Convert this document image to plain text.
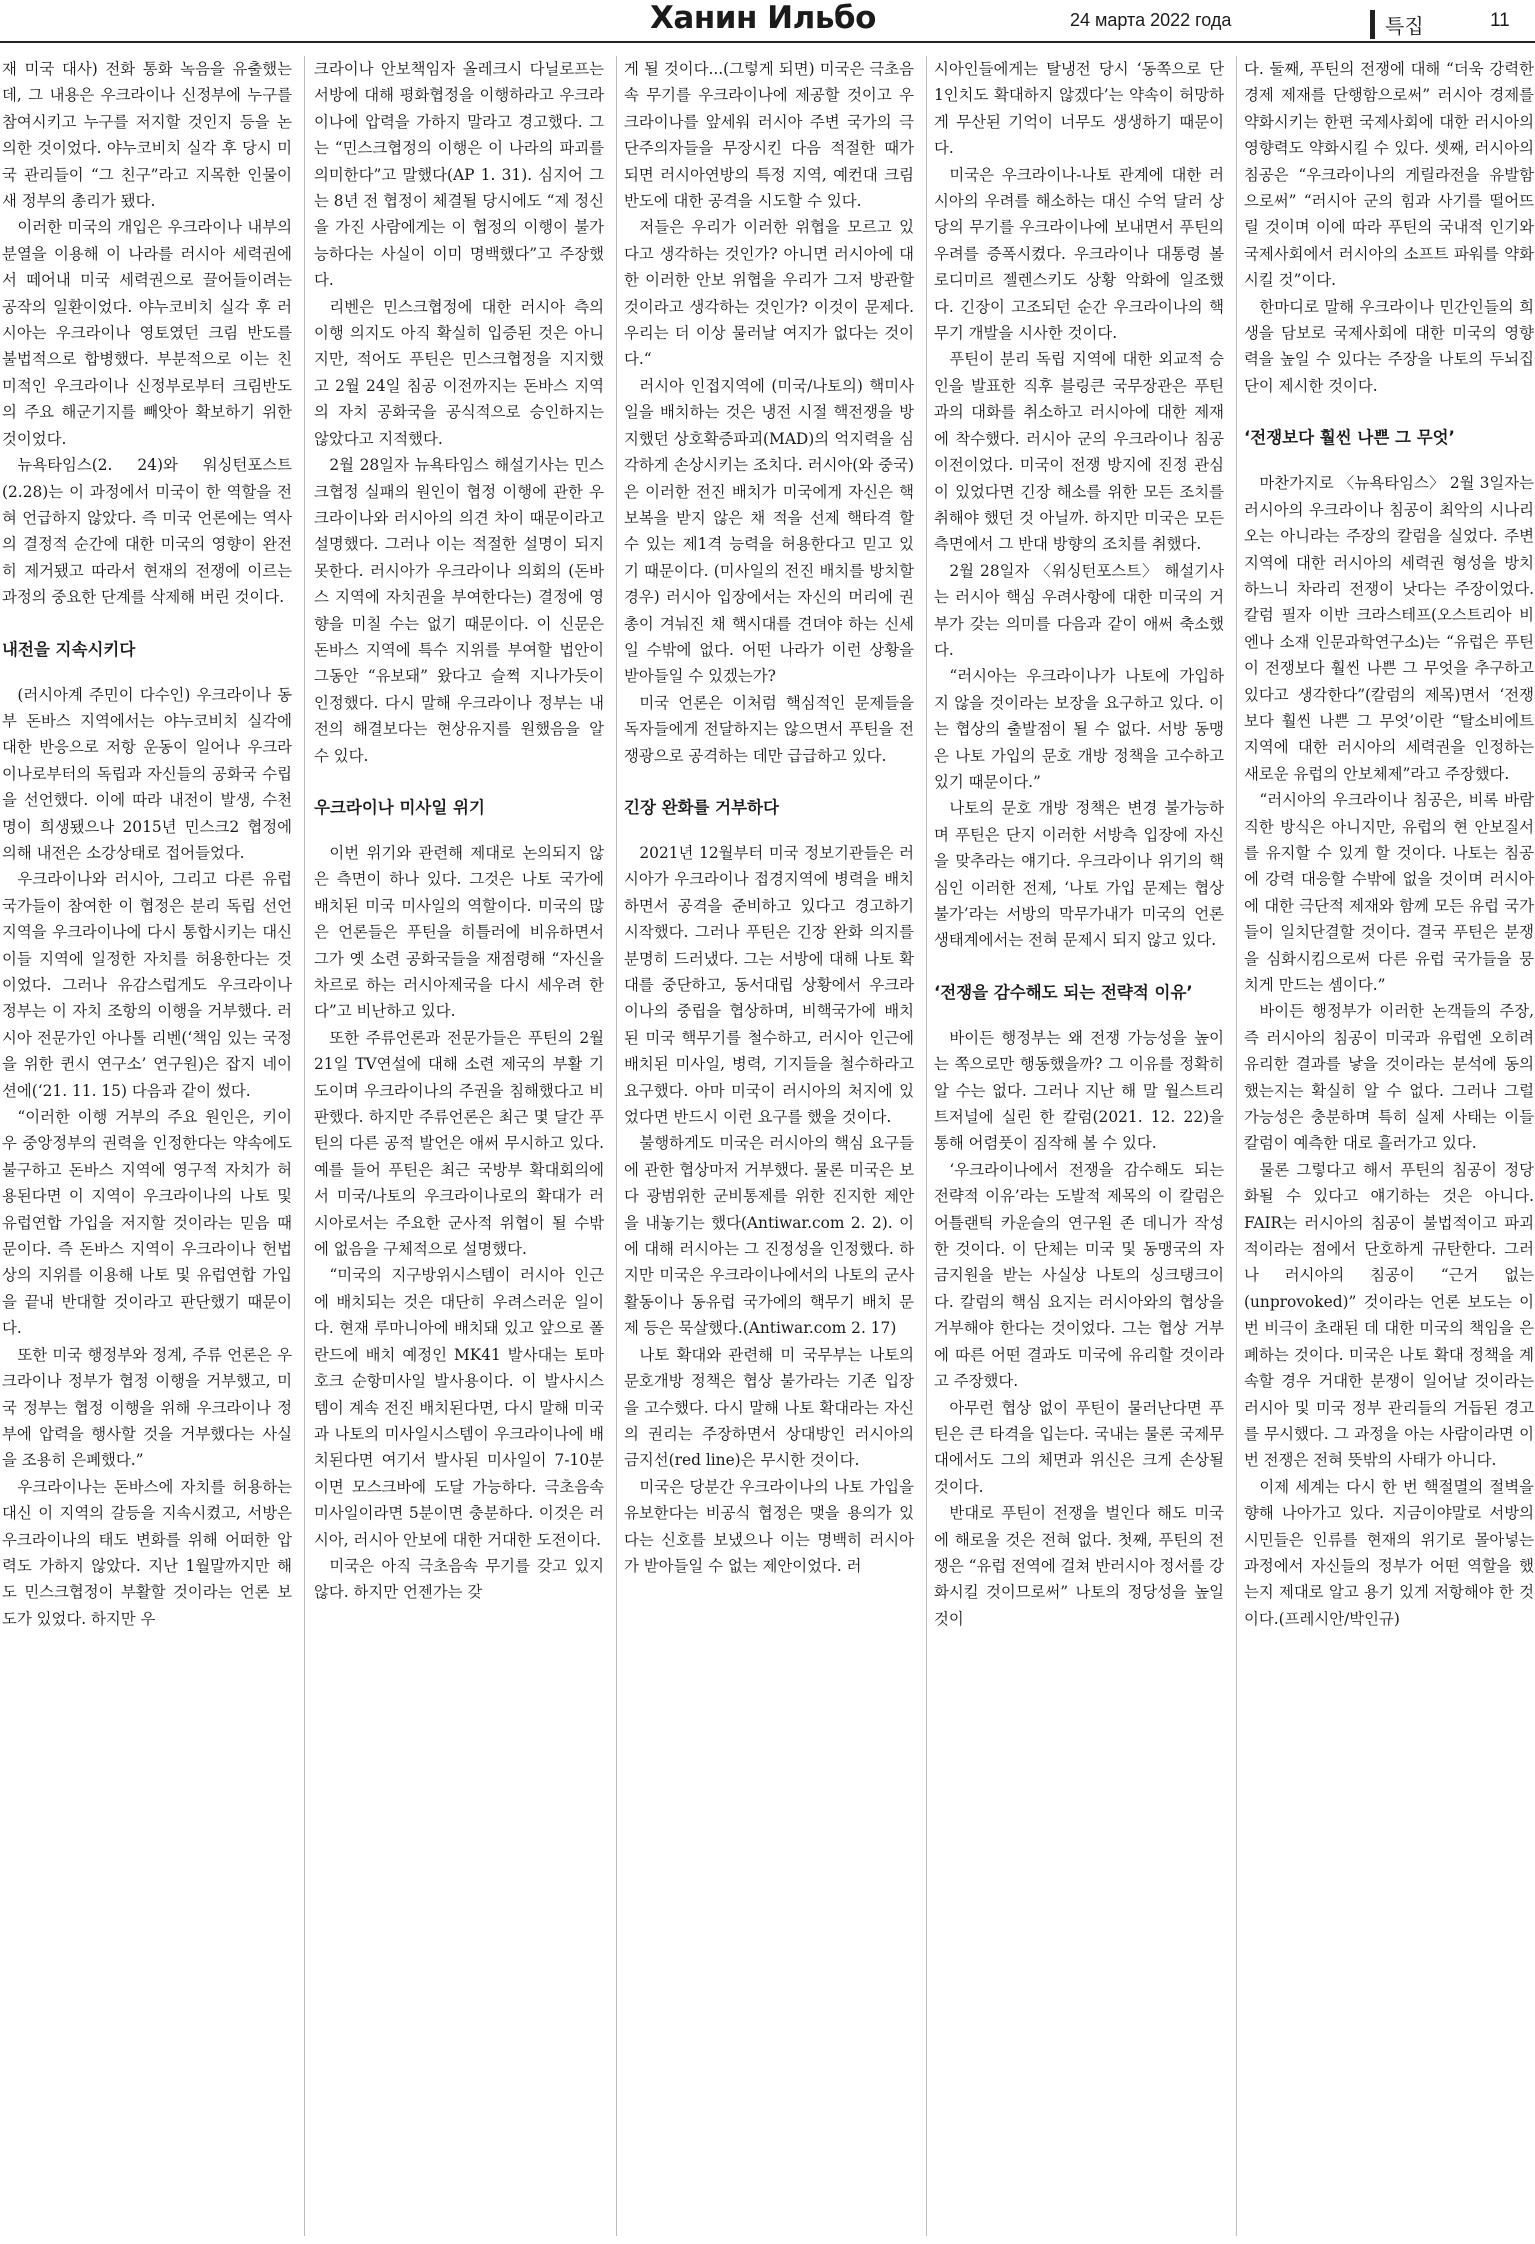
Ханин Ильбо	24 марта 2022 года	특집	11

재 미국 대사) 전화 통화 녹음을 유출했는데, 그 내용은 우크라이나 신정부에 누구를 참여시키고 누구를 저지할 것인지 등을 논의한 것이었다. 야누코비치 실각 후 당시 미국 관리들이 “그 친구”라고 지목한 인물이 새 정부의 총리가 됐다.

이러한 미국의 개입은 우크라이나 내부의 분열을 이용해 이 나라를 러시아 세력권에서 떼어내 미국 세력권으로 끌어들이려는 공작의 일환이었다. 야누코비치 실각 후 러시아는 우크라이나 영토였던 크림 반도를 불법적으로 합병했다. 부분적으로 이는 친미적인 우크라이나 신정부로부터 크림반도의 주요 해군기지를 빼앗아 확보하기 위한 것이었다.

뉴욕타임스(2. 24)와 워싱턴포스트(2.28)는 이 과정에서 미국이 한 역할을 전혀 언급하지 않았다. 즉 미국 언론에는 역사의 결정적 순간에 대한 미국의 영향이 완전히 제거됐고 따라서 현재의 전쟁에 이르는 과정의 중요한 단계를 삭제해 버린 것이다.

내전을 지속시키다

(러시아계 주민이 다수인) 우크라이나 동부 돈바스 지역에서는 야누코비치 실각에 대한 반응으로 저항 운동이 일어나 우크라이나로부터의 독립과 자신들의 공화국 수립을 선언했다. 이에 따라 내전이 발생, 수천명이 희생됐으나 2015년 민스크2 협정에 의해 내전은 소강상태로 접어들었다.

우크라이나와 러시아, 그리고 다른 유럽 국가들이 참여한 이 협정은 분리 독립 선언지역을 우크라이나에 다시 통합시키는 대신 이들 지역에 일정한 자치를 허용한다는 것이었다. 그러나 유감스럽게도 우크라이나 정부는 이 자치 조항의 이행을 거부했다. 러시아 전문가인 아나톨 리벤(‘책임 있는 국정을 위한 퀸시 연구소’ 연구원)은 잡지 네이션에(‘21. 11. 15) 다음과 같이 썼다.

“이러한 이행 거부의 주요 원인은, 키이우 중앙정부의 권력을 인정한다는 약속에도 불구하고 돈바스 지역에 영구적 자치가 허용된다면 이 지역이 우크라이나의 나토 및 유럽연합 가입을 저지할 것이라는 믿음 때문이다. 즉 돈바스 지역이 우크라이나 헌법상의 지위를 이용해 나토 및 유럽연합 가입을 끝내 반대할 것이라고 판단했기 때문이다.

또한 미국 행정부와 정계, 주류 언론은 우크라이나 정부가 협정 이행을 거부했고, 미국 정부는 협정 이행을 위해 우크라이나 정부에 압력을 행사할 것을 거부했다는 사실을 조용히 은폐했다.”

우크라이나는 돈바스에 자치를 허용하는 대신 이 지역의 갈등을 지속시켰고, 서방은 우크라이나의 태도 변화를 위해 어떠한 압력도 가하지 않았다. 지난 1월말까지만 해도 민스크협정이 부활할 것이라는 언론 보도가 있었다. 하지만 우

크라이나 안보책임자 올레크시 다닐로프는 서방에 대해 평화협정을 이행하라고 우크라이나에 압력을 가하지 말라고 경고했다. 그는 “민스크협정의 이행은 이 나라의 파괴를 의미한다”고 말했다(AP 1. 31). 심지어 그는 8년 전 협정이 체결될 당시에도 “제 정신을 가진 사람에게는 이 협정의 이행이 불가능하다는 사실이 이미 명백했다”고 주장했다.

리벤은 민스크협정에 대한 러시아 측의 이행 의지도 아직 확실히 입증된 것은 아니지만, 적어도 푸틴은 민스크협정을 지지했고 2월 24일 침공 이전까지는 돈바스 지역의 자치 공화국을 공식적으로 승인하지는 않았다고 지적했다.

2월 28일자 뉴욕타임스 해설기사는 민스크협정 실패의 원인이 협정 이행에 관한 우크라이나와 러시아의 의견 차이 때문이라고 설명했다. 그러나 이는 적절한 설명이 되지 못한다. 러시아가 우크라이나 의회의 (돈바스 지역에 자치권을 부여한다는) 결정에 영향을 미칠 수는 없기 때문이다. 이 신문은 돈바스 지역에 특수 지위를 부여할 법안이 그동안 “유보돼” 왔다고 슬쩍 지나가듯이 인정했다. 다시 말해 우크라이나 정부는 내전의 해결보다는 현상유지를 원했음을 알 수 있다.

우크라이나 미사일 위기

이번 위기와 관련해 제대로 논의되지 않은 측면이 하나 있다. 그것은 나토 국가에 배치된 미국 미사일의 역할이다. 미국의 많은 언론들은 푸틴을 히틀러에 비유하면서 그가 옛 소련 공화국들을 재점령해 “자신을 차르로 하는 러시아제국을 다시 세우려 한다”고 비난하고 있다.

또한 주류언론과 전문가들은 푸틴의 2월 21일 TV연설에 대해 소련 제국의 부활 기도이며 우크라이나의 주권을 침해했다고 비판했다. 하지만 주류언론은 최근 몇 달간 푸틴의 다른 공적 발언은 애써 무시하고 있다. 예를 들어 푸틴은 최근 국방부 확대회의에서 미국/나토의 우크라이나로의 확대가 러시아로서는 주요한 군사적 위협이 될 수밖에 없음을 구체적으로 설명했다.

“미국의 지구방위시스템이 러시아 인근에 배치되는 것은 대단히 우려스러운 일이다. 현재 루마니아에 배치돼 있고 앞으로 폴란드에 배치 예정인 MK41 발사대는 토마호크 순항미사일 발사용이다. 이 발사시스템이 계속 전진 배치된다면, 다시 말해 미국과 나토의 미사일시스템이 우크라이나에 배치된다면 여기서 발사된 미사일이 7-10분이면 모스크바에 도달 가능하다. 극초음속 미사일이라면 5분이면 충분하다. 이것은 러시아, 러시아 안보에 대한 거대한 도전이다.

미국은 아직 극초음속 무기를 갖고 있지 않다. 하지만 언젠가는 갖

게 될 것이다...(그렇게 되면) 미국은 극초음속 무기를 우크라이나에 제공할 것이고 우크라이나를 앞세워 러시아 주변 국가의 극단주의자들을 무장시킨 다음 적절한 때가 되면 러시아연방의 특정 지역, 예컨대 크림반도에 대한 공격을 시도할 수 있다.

저들은 우리가 이러한 위협을 모르고 있다고 생각하는 것인가? 아니면 러시아에 대한 이러한 안보 위협을 우리가 그저 방관할 것이라고 생각하는 것인가? 이것이 문제다. 우리는 더 이상 물러날 여지가 없다는 것이다.“

러시아 인접지역에 (미국/나토의) 핵미사일을 배치하는 것은 냉전 시절 핵전쟁을 방지했던 상호확증파괴(MAD)의 억지력을 심각하게 손상시키는 조치다. 러시아(와 중국)은 이러한 전진 배치가 미국에게 자신은 핵보복을 받지 않은 채 적을 선제 핵타격 할 수 있는 제1격 능력을 허용한다고 믿고 있기 때문이다. (미사일의 전진 배치를 방치할 경우) 러시아 입장에서는 자신의 머리에 권총이 겨눠진 채 핵시대를 견뎌야 하는 신세일 수밖에 없다. 어떤 나라가 이런 상황을 받아들일 수 있겠는가?

미국 언론은 이처럼 핵심적인 문제들을 독자들에게 전달하지는 않으면서 푸틴을 전쟁광으로 공격하는 데만 급급하고 있다.

긴장 완화를 거부하다

2021년 12월부터 미국 정보기관들은 러시아가 우크라이나 접경지역에 병력을 배치하면서 공격을 준비하고 있다고 경고하기 시작했다. 그러나 푸틴은 긴장 완화 의지를 분명히 드러냈다. 그는 서방에 대해 나토 확대를 중단하고, 동서대립 상황에서 우크라이나의 중립을 협상하며, 비핵국가에 배치된 미국 핵무기를 철수하고, 러시아 인근에 배치된 미사일, 병력, 기지들을 철수하라고 요구했다. 아마 미국이 러시아의 처지에 있었다면 반드시 이런 요구를 했을 것이다.

불행하게도 미국은 러시아의 핵심 요구들에 관한 협상마저 거부했다. 물론 미국은 보다 광범위한 군비통제를 위한 진지한 제안을 내놓기는 했다(Antiwar.com 2. 2). 이에 대해 러시아는 그 진정성을 인정했다. 하지만 미국은 우크라이나에서의 나토의 군사 활동이나 동유럽 국가에의 핵무기 배치 문제 등은 묵살했다.(Antiwar.com 2. 17)

나토 확대와 관련해 미 국무부는 나토의 문호개방 정책은 협상 불가라는 기존 입장을 고수했다. 다시 말해 나토 확대라는 자신의 권리는 주장하면서 상대방인 러시아의 금지선(red line)은 무시한 것이다.

미국은 당분간 우크라이나의 나토 가입을 유보한다는 비공식 협정은 맺을 용의가 있다는 신호를 보냈으나 이는 명백히 러시아가 받아들일 수 없는 제안이었다. 러

시아인들에게는 탈냉전 당시 ‘동쪽으로 단 1인치도 확대하지 않겠다’는 약속이 허망하게 무산된 기억이 너무도 생생하기 때문이다.

미국은 우크라이나-나토 관계에 대한 러시아의 우려를 해소하는 대신 수억 달러 상당의 무기를 우크라이나에 보내면서 푸틴의 우려를 증폭시켰다. 우크라이나 대통령 볼로디미르 젤렌스키도 상황 악화에 일조했다. 긴장이 고조되던 순간 우크라이나의 핵무기 개발을 시사한 것이다.

푸틴이 분리 독립 지역에 대한 외교적 승인을 발표한 직후 블링큰 국무장관은 푸틴과의 대화를 취소하고 러시아에 대한 제재에 착수했다. 러시아 군의 우크라이나 침공 이전이었다. 미국이 전쟁 방지에 진정 관심이 있었다면 긴장 해소를 위한 모든 조치를 취해야 했던 것 아닐까. 하지만 미국은 모든 측면에서 그 반대 방향의 조치를 취했다.

2월 28일자 〈워싱턴포스트〉 해설기사는 러시아 핵심 우려사항에 대한 미국의 거부가 갖는 의미를 다음과 같이 애써 축소했다.

“러시아는 우크라이나가 나토에 가입하지 않을 것이라는 보장을 요구하고 있다. 이는 협상의 출발점이 될 수 없다. 서방 동맹은 나토 가입의 문호 개방 정책을 고수하고 있기 때문이다.”

나토의 문호 개방 정책은 변경 불가능하며 푸틴은 단지 이러한 서방측 입장에 자신을 맞추라는 얘기다. 우크라이나 위기의 핵심인 이러한 전제, ‘나토 가입 문제는 협상 불가’라는 서방의 막무가내가 미국의 언론 생태계에서는 전혀 문제시 되지 않고 있다.

‘전쟁을 감수해도 되는 전략적 이유’

바이든 행정부는 왜 전쟁 가능성을 높이는 쪽으로만 행동했을까? 그 이유를 정확히 알 수는 없다. 그러나 지난 해 말 월스트리트저널에 실린 한 칼럼(2021. 12. 22)을 통해 어렴풋이 짐작해 볼 수 있다.

‘우크라이나에서 전쟁을 감수해도 되는 전략적 이유’라는 도발적 제목의 이 칼럼은 어틀랜틱 카운슬의 연구원 존 데니가 작성한 것이다. 이 단체는 미국 및 동맹국의 자금지원을 받는 사실상 나토의 싱크탱크이다. 칼럼의 핵심 요지는 러시아와의 협상을 거부해야 한다는 것이었다. 그는 협상 거부에 따른 어떤 결과도 미국에 유리할 것이라고 주장했다.

아무런 협상 없이 푸틴이 물러난다면 푸틴은 큰 타격을 입는다. 국내는 물론 국제무대에서도 그의 체면과 위신은 크게 손상될 것이다.

반대로 푸틴이 전쟁을 벌인다 해도 미국에 해로울 것은 전혀 없다. 첫째, 푸틴의 전쟁은 “유럽 전역에 걸쳐 반러시아 정서를 강화시킬 것이므로써” 나토의 정당성을 높일 것이

다. 둘째, 푸틴의 전쟁에 대해 “더욱 강력한 경제 제재를 단행함으로써” 러시아 경제를 약화시키는 한편 국제사회에 대한 러시아의 영향력도 약화시킬 수 있다. 셋째, 러시아의 침공은 “우크라이나의 게릴라전을 유발함으로써” “러시아 군의 힘과 사기를 떨어뜨릴 것이며 이에 따라 푸틴의 국내적 인기와 국제사회에서 러시아의 소프트 파워를 약화시킬 것”이다.

한마디로 말해 우크라이나 민간인들의 희생을 담보로 국제사회에 대한 미국의 영향력을 높일 수 있다는 주장을 나토의 두뇌집단이 제시한 것이다.

‘전쟁보다 훨씬 나쁜 그 무엇’

마찬가지로 〈뉴욕타임스〉 2월 3일자는 러시아의 우크라이나 침공이 최악의 시나리오는 아니라는 주장의 칼럼을 실었다. 주변지역에 대한 러시아의 세력권 형성을 방치하느니 차라리 전쟁이 낫다는 주장이었다. 칼럼 필자 이반 크라스테프(오스트리아 비엔나 소재 인문과학연구소)는 “유럽은 푸틴이 전쟁보다 훨씬 나쁜 그 무엇을 추구하고 있다고 생각한다”(칼럼의 제목)면서 ‘전쟁보다 훨씬 나쁜 그 무엇’이란 “탈소비에트 지역에 대한 러시아의 세력권을 인정하는 새로운 유럽의 안보체제”라고 주장했다.

“러시아의 우크라이나 침공은, 비록 바람직한 방식은 아니지만, 유럽의 현 안보질서를 유지할 수 있게 할 것이다. 나토는 침공에 강력 대응할 수밖에 없을 것이며 러시아에 대한 극단적 제재와 함께 모든 유럽 국가들이 일치단결할 것이다. 결국 푸틴은 분쟁을 심화시킴으로써 다른 유럽 국가들을 뭉치게 만드는 셈이다.”

바이든 행정부가 이러한 논객들의 주장, 즉 러시아의 침공이 미국과 유럽엔 오히려 유리한 결과를 낳을 것이라는 분석에 동의했는지는 확실히 알 수 없다. 그러나 그럴 가능성은 충분하며 특히 실제 사태는 이들 칼럼이 예측한 대로 흘러가고 있다.

물론 그렇다고 해서 푸틴의 침공이 정당화될 수 있다고 얘기하는 것은 아니다. FAIR는 러시아의 침공이 불법적이고 파괴적이라는 점에서 단호하게 규탄한다. 그러나 러시아의 침공이 “근거 없는(unprovoked)” 것이라는 언론 보도는 이번 비극이 초래된 데 대한 미국의 책임을 은폐하는 것이다. 미국은 나토 확대 정책을 계속할 경우 거대한 분쟁이 일어날 것이라는 러시아 및 미국 정부 관리들의 거듭된 경고를 무시했다. 그 과정을 아는 사람이라면 이번 전쟁은 전혀 뜻밖의 사태가 아니다.

이제 세계는 다시 한 번 핵절멸의 절벽을 향해 나아가고 있다. 지금이야말로 서방의 시민들은 인류를 현재의 위기로 몰아넣는 과정에서 자신들의 정부가 어떤 역할을 했는지 제대로 알고 용기 있게 저항해야 한 것이다.(프레시안/박인규)
